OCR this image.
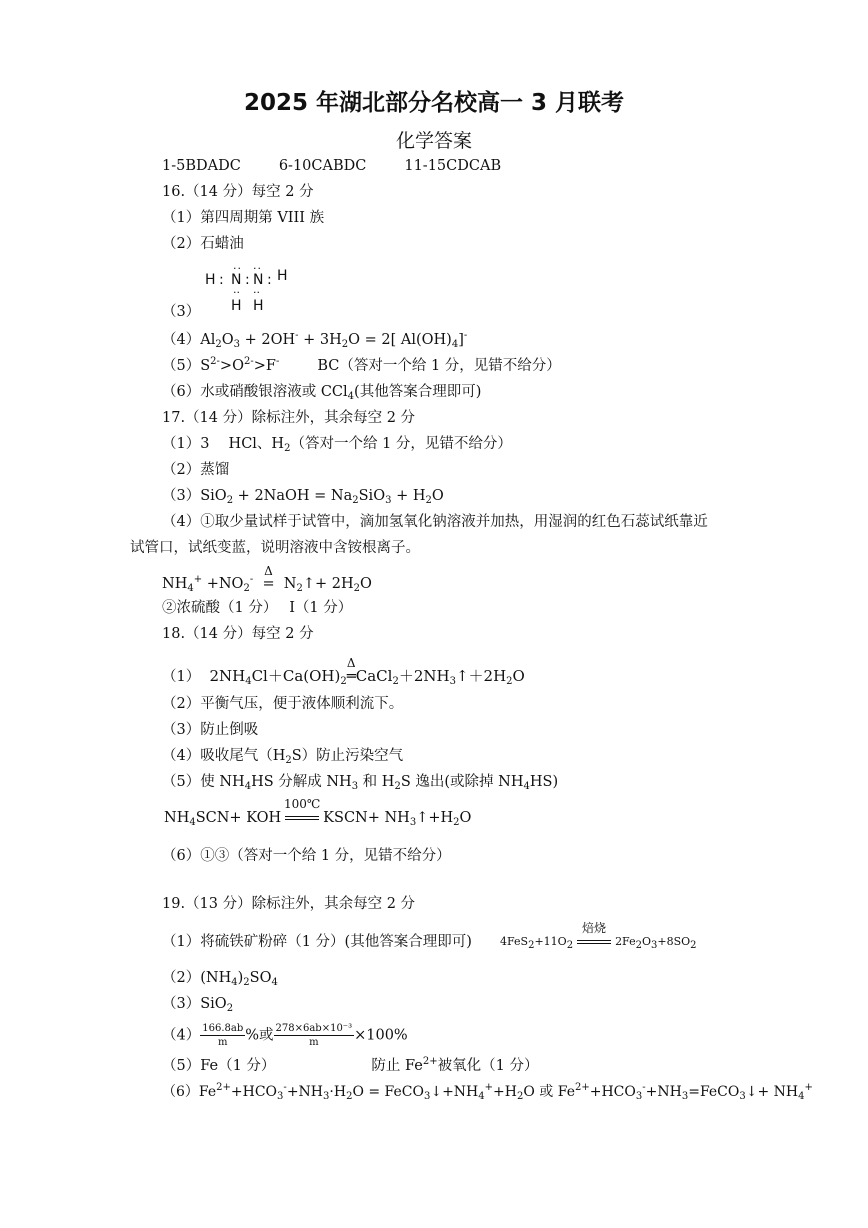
2025 年湖北部分名校高一 3 月联考
化学答案
1-5BDADC	6-10CABDC	11-15CDCAB
16.（14 分）每空 2 分
（1）第四周期第 VIII 族
（2）石蜡油
·· ··
H : N : N : H
·· ··
H H
（3）
$(4)Al_2O_3 + 2OH^- + 3H_2O = 2$[ $Al(OH)_4]^-$
$(5)S^{2-}>O^{2-}>F^-$	BC（答对一个给 1 分，见错不给分）
（6）水或硝酸银溶液或 CCl$_4$(其他答案合理即可)
17.（14 分）除标注外，其余每空 2 分
（1）3　 HCl、$H_2$（答对一个给 1 分，见错不给分）
（2）蒸馏
（3）SiO$_2$ + 2NaOH = $Na_2SiO_3 + H_2O$
（4）①取少量试样于试管中，滴加氢氧化钠溶液并加热，用湿润的红色石蕊试纸靠近
试管口，试纸变蓝，说明溶液中含铵根离子。
$NH_4^+ +NO_2^-$
Δ
=  $N_2↑+ 2H_2O$
②浓硫酸（1 分）　 I（1 分）
18.（14 分）每空 2 分
（1） $2NH_4Cl+Ca(OH)_2$
Δ
$═CaCl_2+2NH_3↑+2H_2O$
（2）平衡气压，便于液体顺利流下。
（3）防止倒吸
（4）吸收尾气$(H_2S)$防止污染空气
（5）使 $NH_4HS$ 分解成 $NH_3$ 和 $H_2S$ 逸出(或除掉 $NH_4HS$)
$NH_4SCN+$ KOH
100℃
KSCN+ $NH_3↑+H_2O$
（6）①③（答对一个给 1 分，见错不给分）
19.（13 分）除标注外，其余每空 2 分
（1）将硫铁矿粉碎（1 分）(其他答案合理即可)	$4FeS_2+11O_2$
焙烧
$2Fe_2O_3+8SO_2$
$(2)(NH_4)_2SO_4$
（3）SiO$_2$
$(4) \frac{166.8ab}{m}$ %或 $\frac{\text{278×6ab×10⁻³}}{m} \times 100\%$
（5）Fe（1 分）	防止 $Fe^{2+}$被氧化（1 分）
$(6)Fe^{2+}+HCO_3^-+NH_3\cdot H_2O$ = $FeCO_3↓+NH_4^++H_2O$ 或 $Fe^{2+}+HCO_3^-+NH_3=FeCO_3↓+ NH_4^+$
